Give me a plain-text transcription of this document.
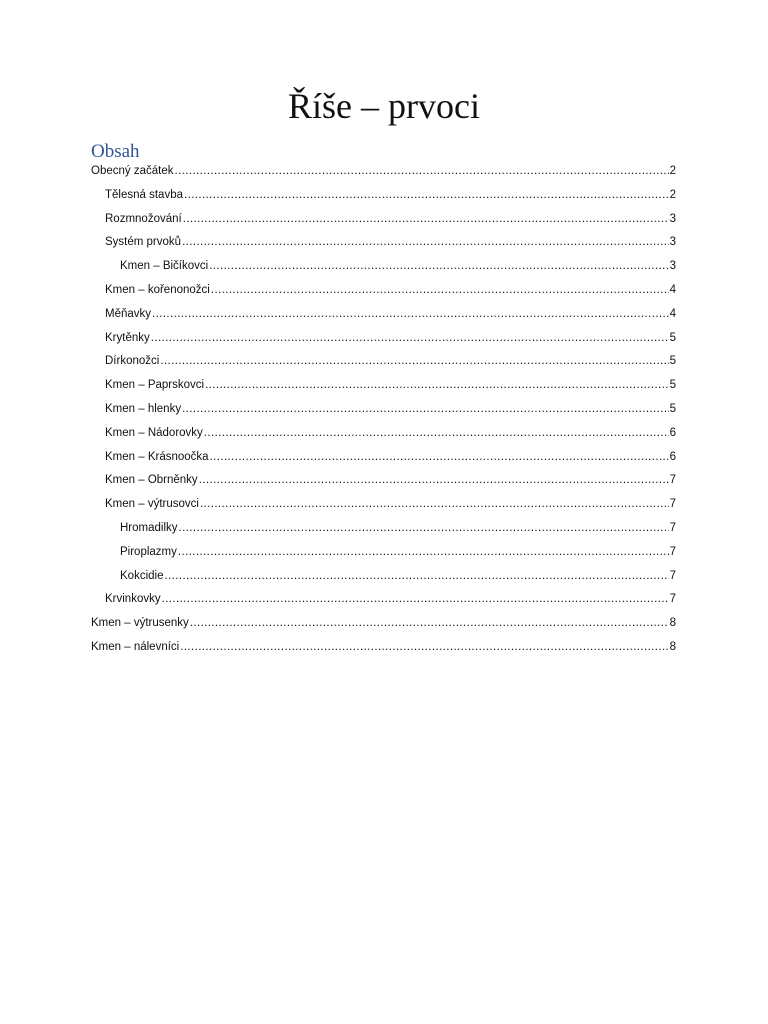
Říše – prvoci
Obsah
Obecný začátek .....	2
Tělesná stavba .....	2
Rozmnožování .....	3
Systém prvoků .....	3
Kmen – Bičíkovci .....	3
Kmen – kořenonožci .....	4
Měňavky .....	4
Krytěnky .....	5
Dírkonožci .....	5
Kmen – Paprskovci .....	5
Kmen – hlenky .....	5
Kmen – Nádorovky .....	6
Kmen – Krásnoočka .....	6
Kmen – Obrněnky .....	7
Kmen – výtrusovci .....	7
Hromadilky .....	7
Piroplazmy .....	7
Kokcidie .....	7
Krvinkovky .....	7
Kmen – výtrusenky .....	8
Kmen – nálevníci .....	8
